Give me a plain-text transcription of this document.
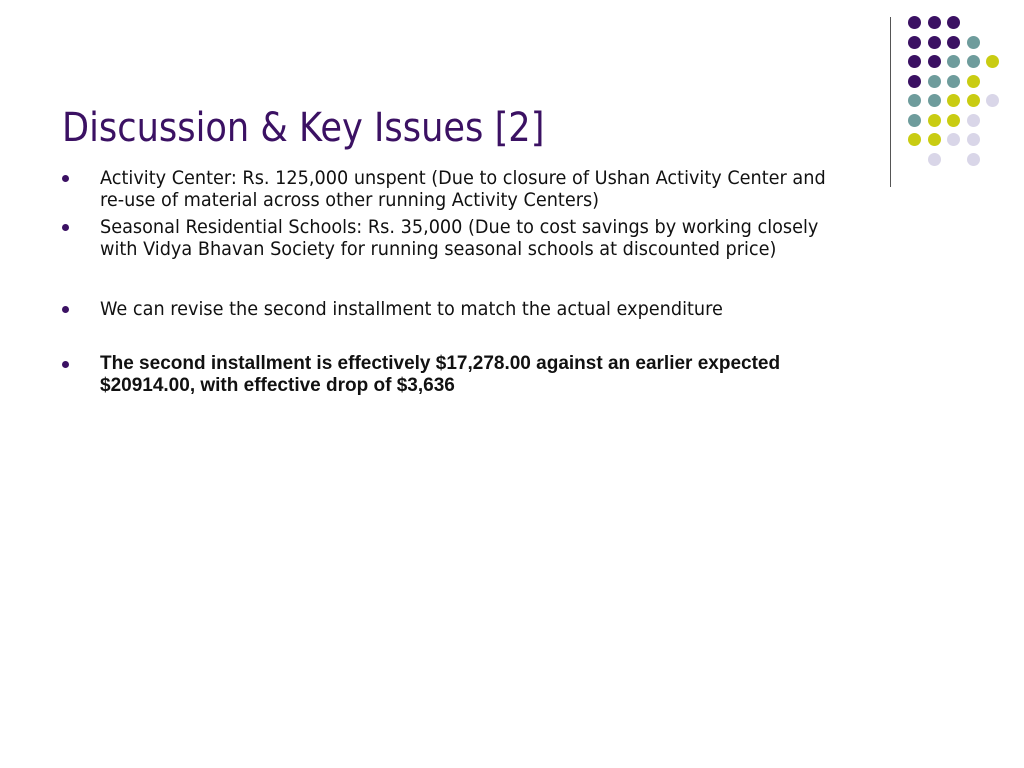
Discussion & Key Issues [2]

Activity Center: Rs. 125,000 unspent (Due to closure of Ushan Activity Center and
re-use of material across other running Activity Centers)

Seasonal Residential Schools: Rs. 35,000 (Due to cost savings by working closely
with Vidya Bhavan Society for running seasonal schools at discounted price)

We can revise the second installment to match the actual expenditure

The second installment is effectively $17,278.00 against an earlier expected
$20914.00, with effective drop of $3,636
